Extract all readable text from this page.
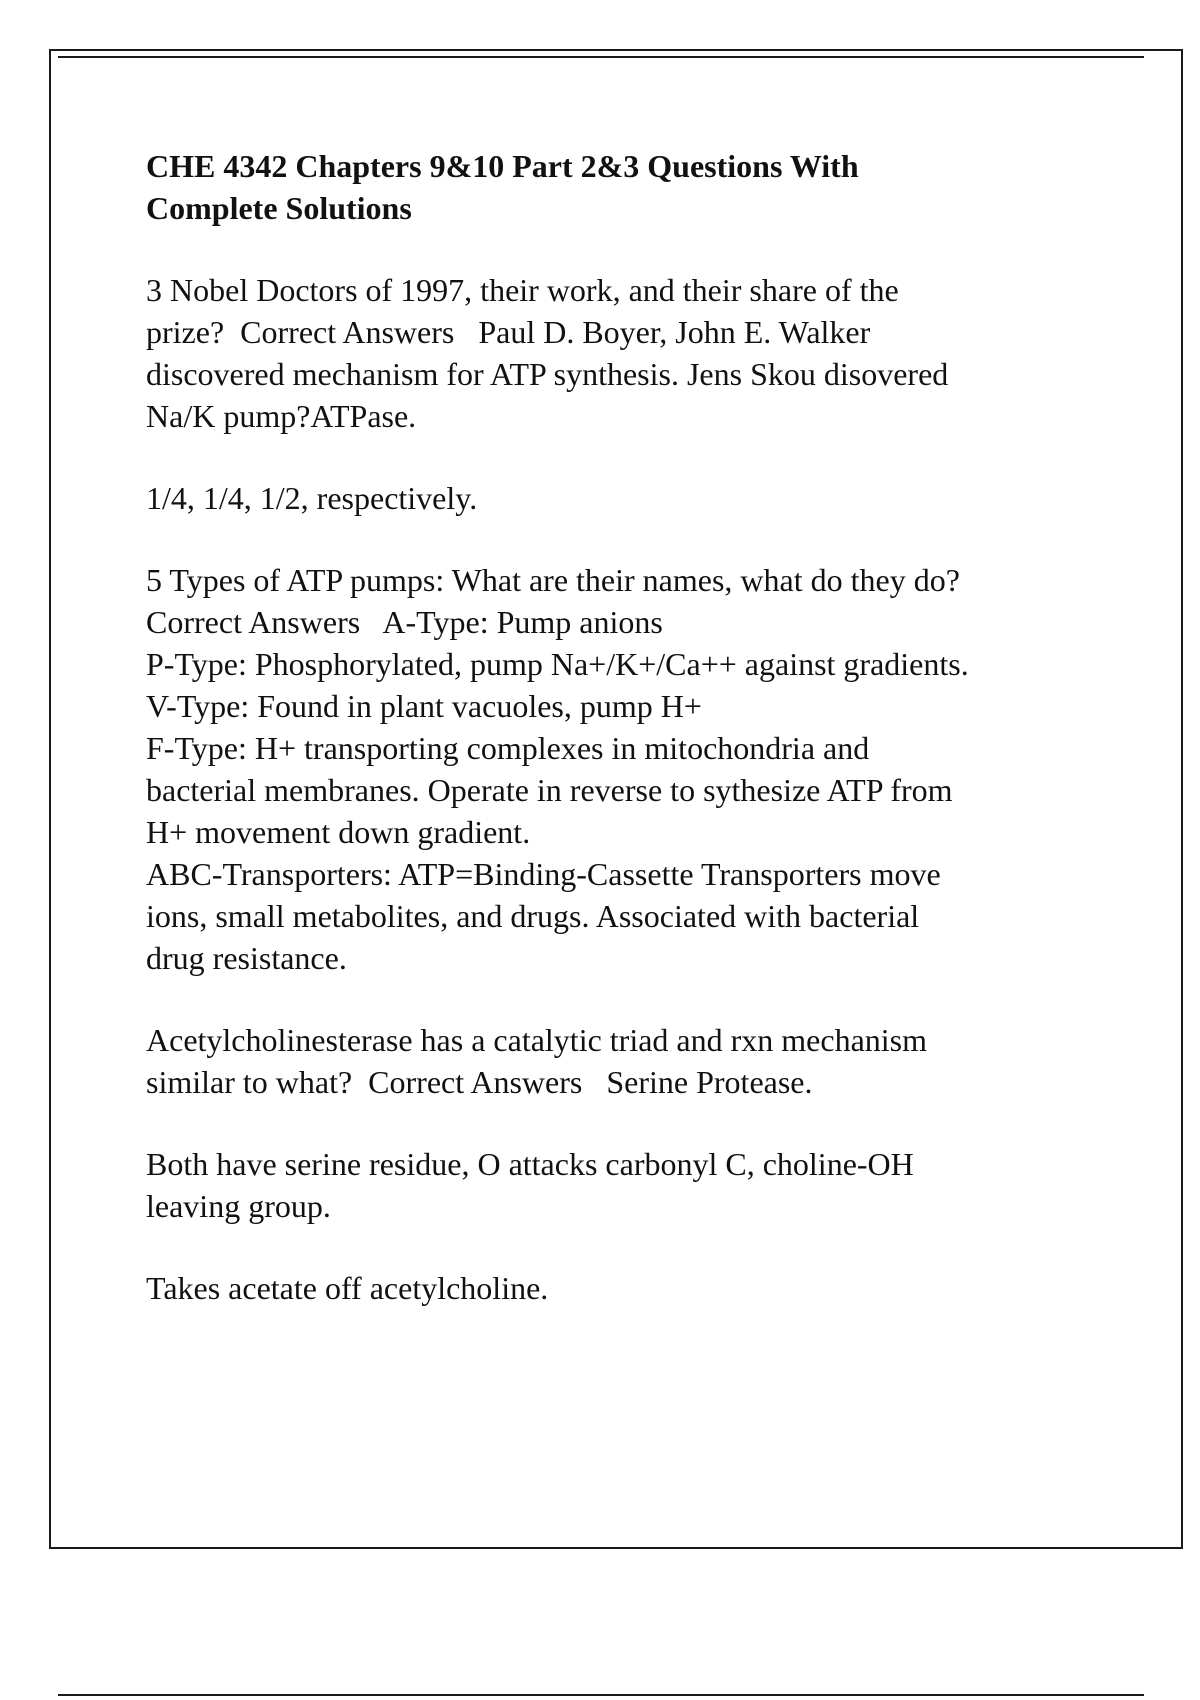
CHE 4342 Chapters 9&10 Part 2&3 Questions With
Complete Solutions

3 Nobel Doctors of 1997, their work, and their share of the
prize?  Correct Answers   Paul D. Boyer, John E. Walker
discovered mechanism for ATP synthesis. Jens Skou disovered
Na/K pump?ATPase.

1/4, 1/4, 1/2, respectively.

5 Types of ATP pumps: What are their names, what do they do?
Correct Answers   A-Type: Pump anions
P-Type: Phosphorylated, pump Na+/K+/Ca++ against gradients.
V-Type: Found in plant vacuoles, pump H+
F-Type: H+ transporting complexes in mitochondria and
bacterial membranes. Operate in reverse to sythesize ATP from
H+ movement down gradient.
ABC-Transporters: ATP=Binding-Cassette Transporters move
ions, small metabolites, and drugs. Associated with bacterial
drug resistance.

Acetylcholinesterase has a catalytic triad and rxn mechanism
similar to what?  Correct Answers   Serine Protease.

Both have serine residue, O attacks carbonyl C, choline-OH
leaving group.

Takes acetate off acetylcholine.
